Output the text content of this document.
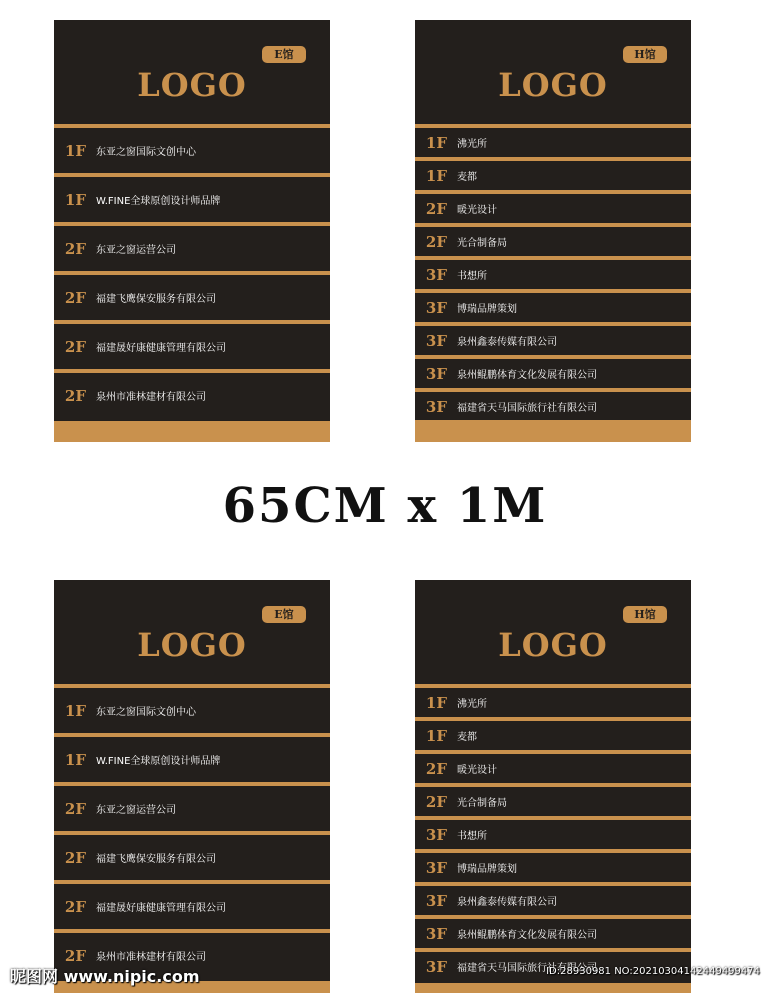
LOGO
E馆
1F	东亚之窗国际文创中心
1F	W.FINE全球原创设计师品牌
2F	东亚之窗运营公司
2F	福建飞鹰保安服务有限公司
2F	福建晟好康健康管理有限公司
2F	泉州市准林建材有限公司
LOGO
H馆
1F	沸光所
1F	麦都
2F	暖光设计
2F	光合制备局
3F	书想所
3F	博瑞品牌策划
3F	泉州鑫泰传媒有限公司
3F	泉州鲲鹏体育文化发展有限公司
3F	福建省天马国际旅行社有限公司
65CM x 1M
LOGO
E馆
1F	东亚之窗国际文创中心
1F	W.FINE全球原创设计师品牌
2F	东亚之窗运营公司
2F	福建飞鹰保安服务有限公司
2F	福建晟好康健康管理有限公司
2F	泉州市准林建材有限公司
LOGO
H馆
1F	沸光所
1F	麦都
2F	暖光设计
2F	光合制备局
3F	书想所
3F	博瑞品牌策划
3F	泉州鑫泰传媒有限公司
3F	泉州鲲鹏体育文化发展有限公司
3F	福建省天马国际旅行社有限公司
昵图网 www.nipic.com	ID:28930981 NO:20210304142449499474
